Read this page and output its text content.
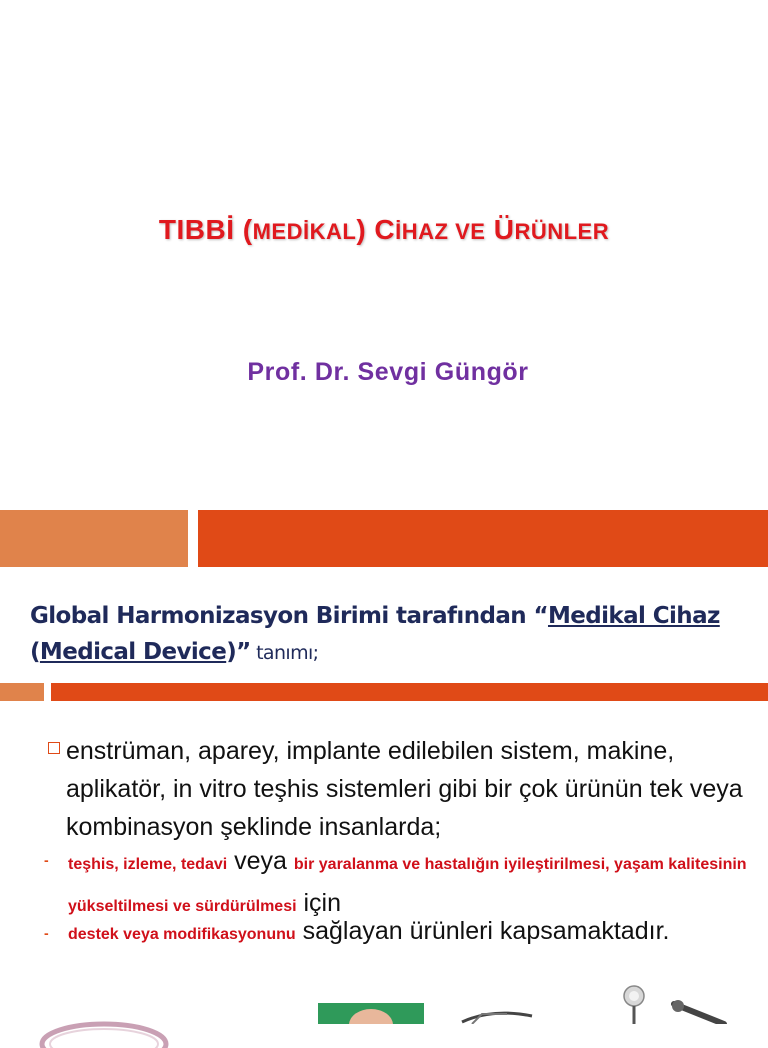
TIBBİ (MEDİKAL) CİHAZ VE ÜRÜNLER
Prof. Dr. Sevgi Güngör
Global Harmonizasyon Birimi tarafından “Medikal Cihaz
(Medical Device)” tanımı;
enstrüman, aparey, implante edilebilen sistem, makine, aplikatör, in vitro teşhis sistemleri gibi bir çok ürünün tek veya kombinasyon şeklinde insanlarda;
- teşhis, izleme, tedavi veya bir yaralanma ve hastalığın iyileştirilmesi, yaşam kalitesinin yükseltilmesi ve sürdürülmesi için
- destek veya modifikasyonunu sağlayan ürünleri kapsamaktadır.
